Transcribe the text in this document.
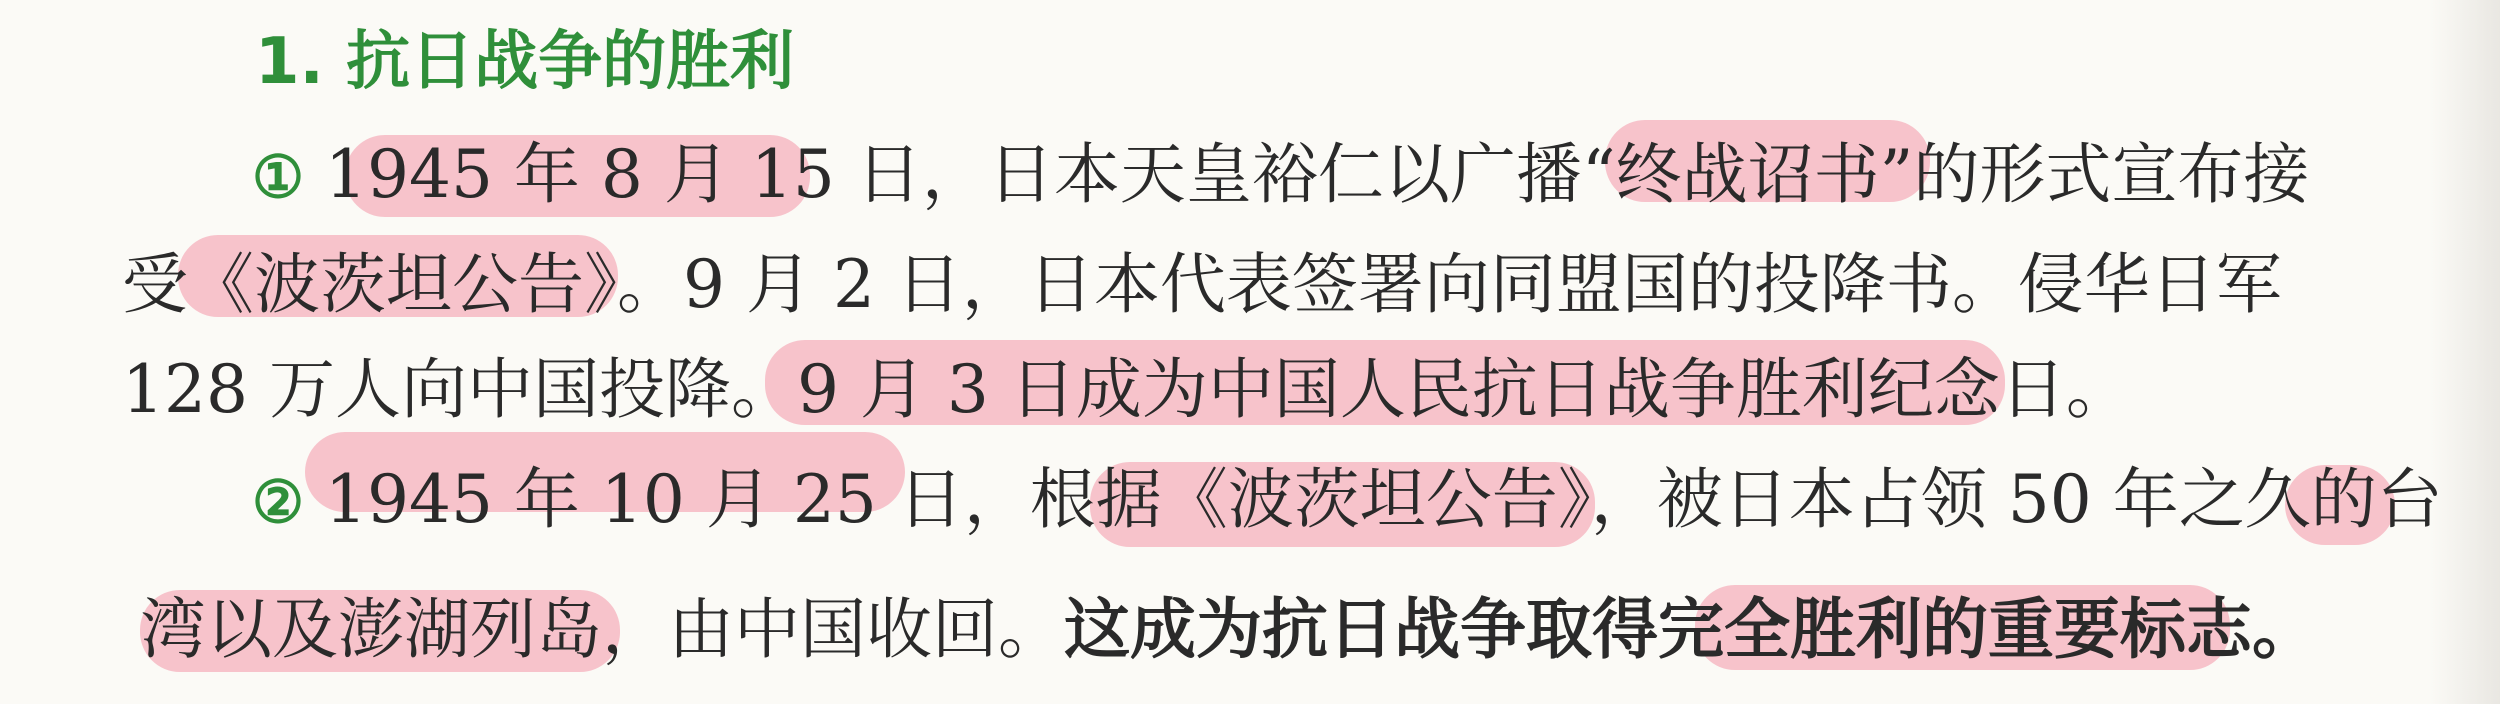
1. 抗日战争的胜利
① 1945 年 8 月 15 日，日本天皇裕仁以广播“终战诏书”的形式宣布接
受《波茨坦公告》。9 月 2 日，日本代表签署向同盟国的投降书。侵华日军
128 万人向中国投降。9 月 3 日成为中国人民抗日战争胜利纪念日。
② 1945 年 10 月 25 日，根据《波茨坦公告》，被日本占领 50 年之久的台
湾以及澎湖列岛，由中国收回。这成为抗日战争取得完全胜利的重要标志。
